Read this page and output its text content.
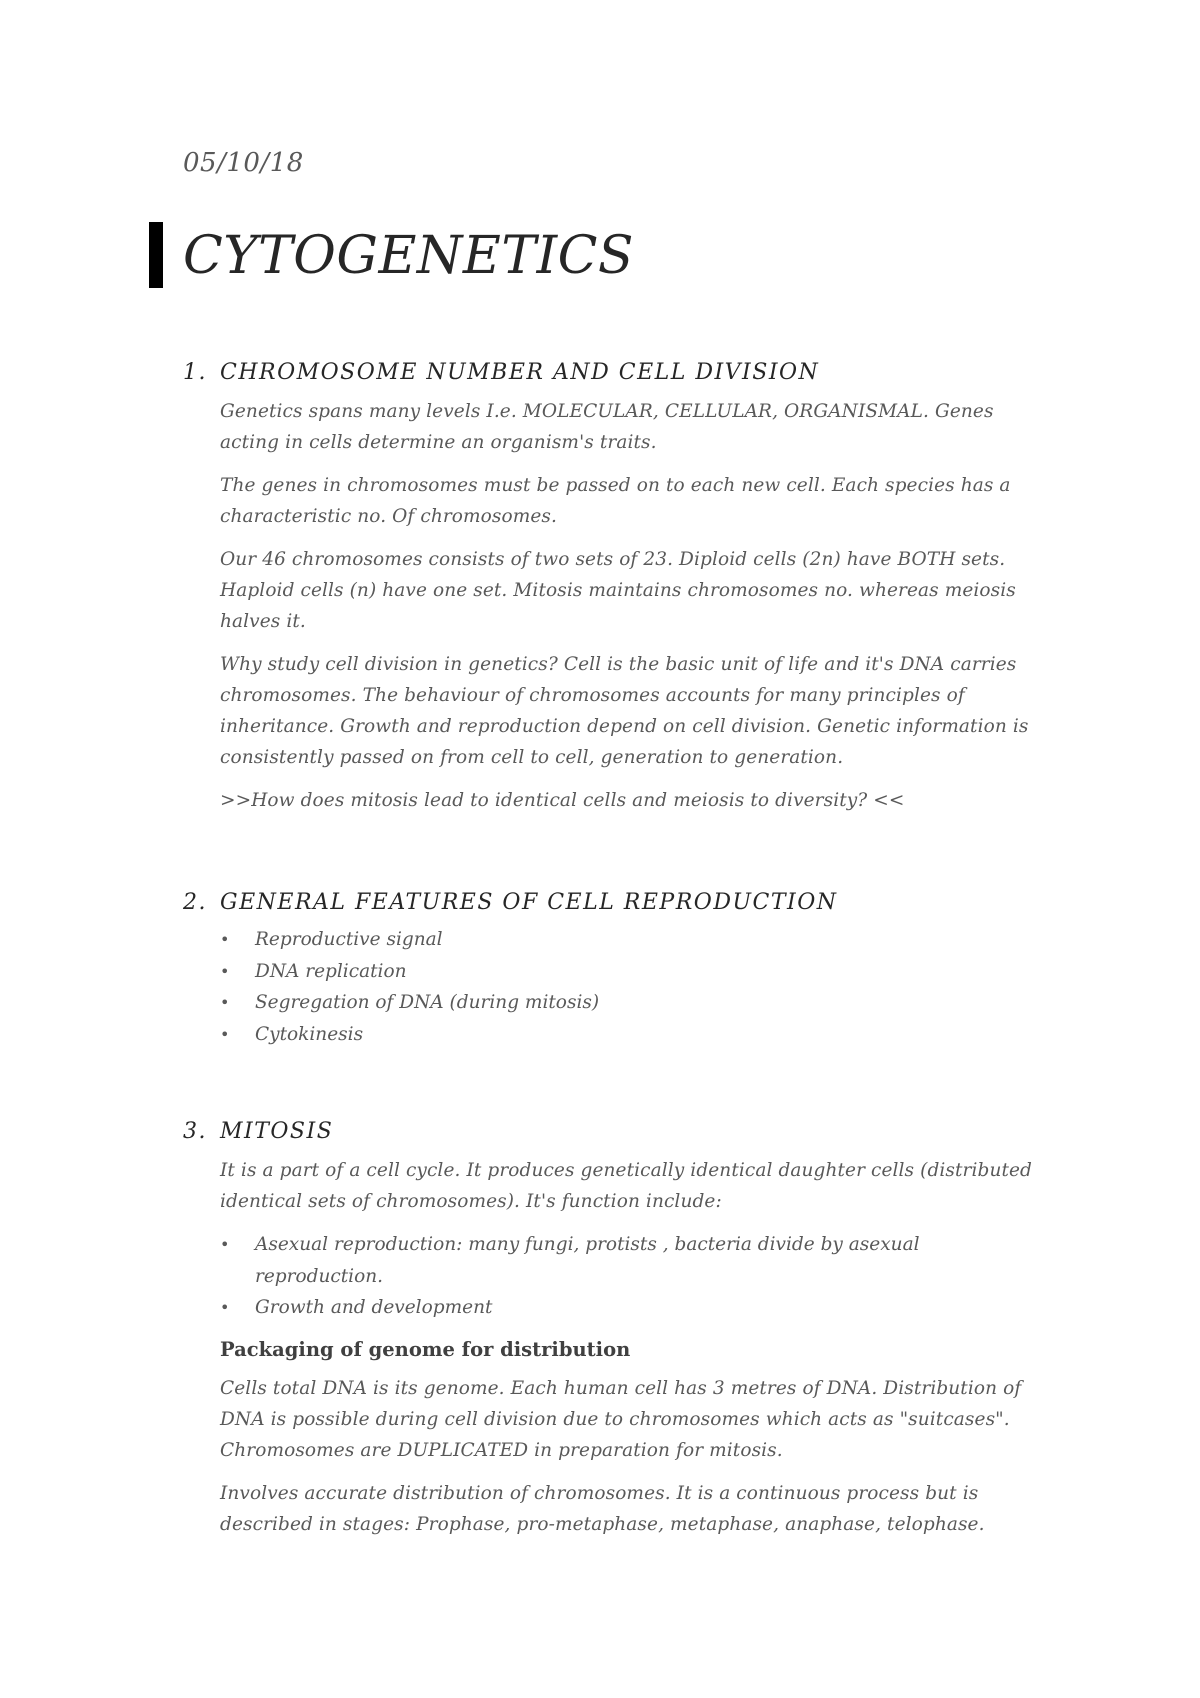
05/10/18
CYTOGENETICS
1. CHROMOSOME NUMBER AND CELL DIVISION

Genetics spans many levels I.e. MOLECULAR, CELLULAR, ORGANISMAL. Genes acting in cells determine an organism's traits.

The genes in chromosomes must be passed on to each new cell. Each species has a characteristic no. Of chromosomes.

Our 46 chromosomes consists of two sets of 23. Diploid cells (2n) have BOTH sets. Haploid cells (n) have one set. Mitosis maintains chromosomes no. whereas meiosis halves it.

Why study cell division in genetics? Cell is the basic unit of life and it's DNA carries chromosomes. The behaviour of chromosomes accounts for many principles of inheritance. Growth and reproduction depend on cell division. Genetic information is consistently passed on from cell to cell, generation to generation.

>>How does mitosis lead to identical cells and meiosis to diversity? <<

2. GENERAL FEATURES OF CELL REPRODUCTION
• Reproductive signal
• DNA replication
• Segregation of DNA (during mitosis)
• Cytokinesis
3. MITOSIS

It is a part of a cell cycle. It produces genetically identical daughter cells (distributed identical sets of chromosomes). It's function include:

• Asexual reproduction: many fungi, protists , bacteria divide by asexual reproduction.
• Growth and development
Packaging of genome for distribution

Cells total DNA is its genome. Each human cell has 3 metres of DNA. Distribution of DNA is possible during cell division due to chromosomes which acts as "suitcases". Chromosomes are DUPLICATED in preparation for mitosis.

Involves accurate distribution of chromosomes. It is a continuous process but is described in stages: Prophase, pro-metaphase, metaphase, anaphase, telophase.
